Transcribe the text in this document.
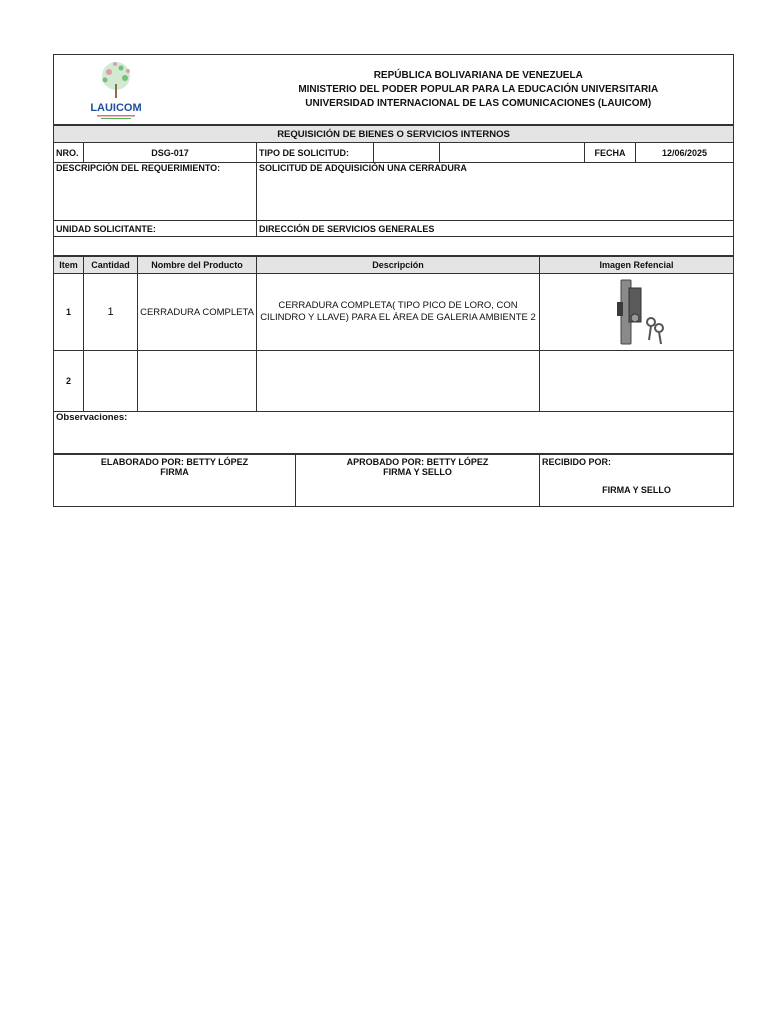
LAUICOM

REPÚBLICA BOLIVARIANA DE VENEZUELA
MINISTERIO DEL PODER POPULAR PARA LA EDUCACIÓN UNIVERSITARIA
UNIVERSIDAD INTERNACIONAL DE LAS COMUNICACIONES (LAUICOM)
REQUISICIÓN DE BIENES O SERVICIOS INTERNOS						
NRO.	DSG-017	TIPO DE SOLICITUD:			FECHA	12/06/2025
DESCRIPCIÓN DEL REQUERIMIENTO:		SOLICITUD DE ADQUISICIÓN UNA CERRADURA				
UNIDAD SOLICITANTE:		DIRECCIÓN DE SERVICIOS GENERALES				

Item	Cantidad	Nombre del Producto	Descripción	Imagen Refencial
1	1	CERRADURA COMPLETA	CERRADURA COMPLETA( TIPO PICO DE LORO, CON CILINDRO Y LLAVE) PARA EL ÁREA DE GALERIA AMBIENTE 2	

2				
Observaciones:				
ELABORADO POR: BETTY LÓPEZ
FIRMA

APROBADO POR: BETTY LÓPEZ
FIRMA Y SELLO

RECIBIDO POR:
FIRMA Y SELLO
